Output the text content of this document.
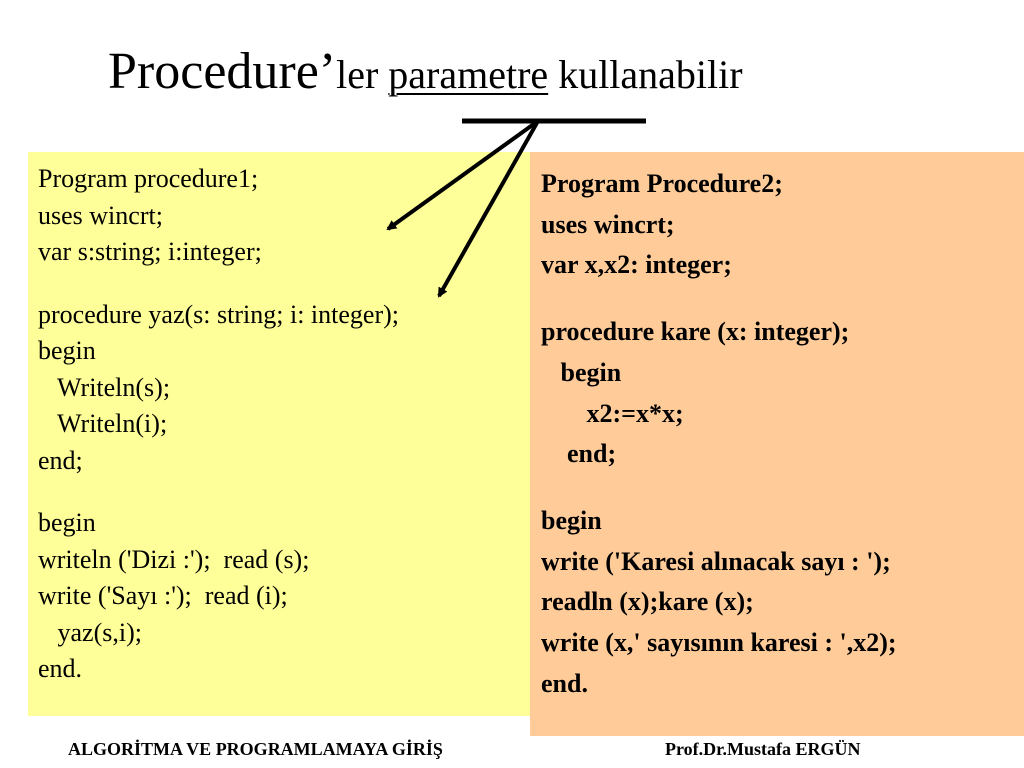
Procedure’ler parametre kullanabilir
Program procedure1;
uses wincrt;
var s:string; i:integer;
procedure yaz(s: string; i: integer);
begin
Writeln(s);
Writeln(i);
end;
begin
writeln ('Dizi :');  read (s);
write ('Sayı :');  read (i);
yaz(s,i);
end.
Program Procedure2;
uses wincrt;
var x,x2: integer;
procedure kare (x: integer);
begin
x2:=x*x;
end;
begin
write ('Karesi alınacak sayı : ');
readln (x);kare (x);
write (x,' sayısının karesi : ',x2);
end.
ALGORİTMA VE PROGRAMLAMAYA GİRİŞ	Prof.Dr.Mustafa ERGÜN
